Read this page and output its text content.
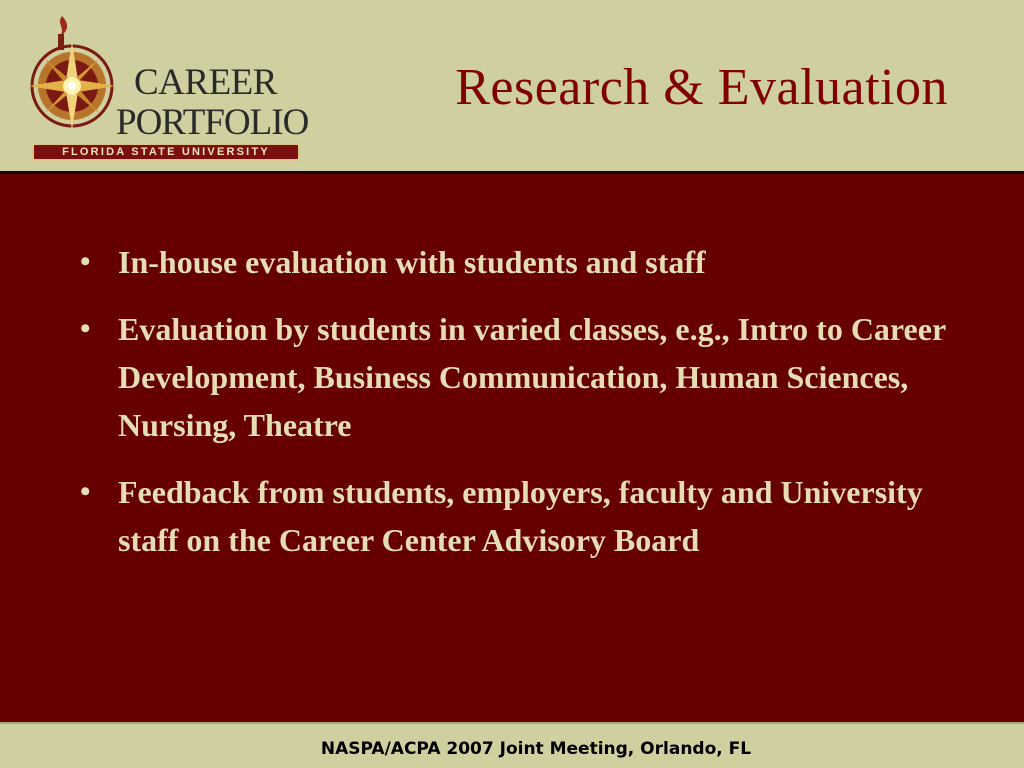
CAREER
PORTFOLIO
FLORIDA STATE UNIVERSITY
Research & Evaluation
• In-house evaluation with students and staff
• Evaluation by students in varied classes, e.g., Intro to Career Development, Business Communication, Human Sciences, Nursing, Theatre
• Feedback from students, employers, faculty and University staff on the Career Center Advisory Board
NASPA/ACPA 2007 Joint Meeting, Orlando, FL
